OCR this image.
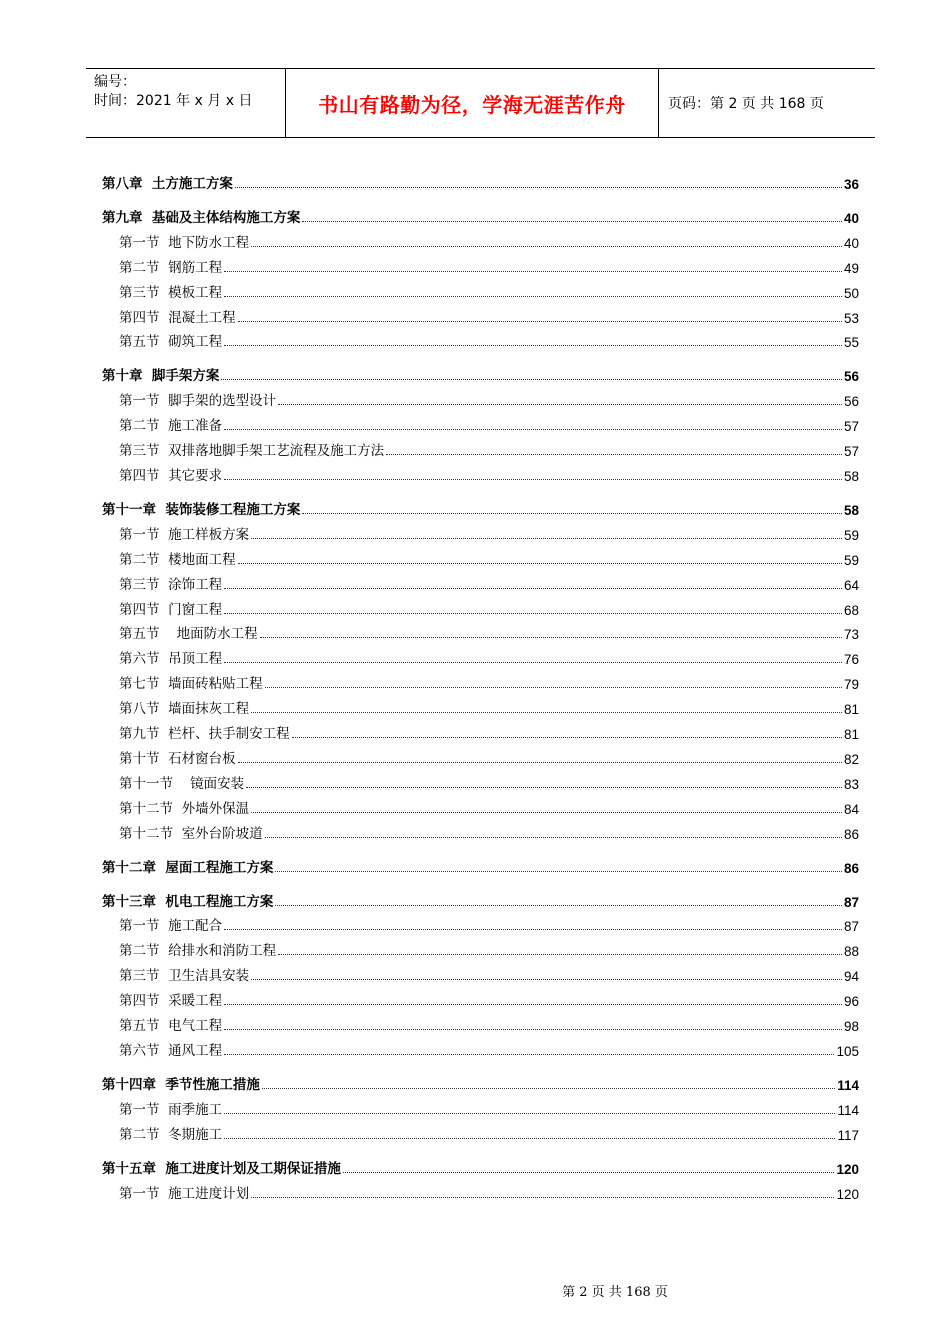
编号：
时间：2021 年 x 月 x 日	书山有路勤为径，学海无涯苦作舟	页码：第 2 页 共 168 页
第八章  土方施工方案	36
第九章  基础及主体结构施工方案	40
第一节  地下防水工程	40
第二节  钢筋工程	49
第三节  模板工程	50
第四节  混凝土工程	53
第五节  砌筑工程	55
第十章  脚手架方案	56
第一节  脚手架的选型设计	56
第二节  施工准备	57
第三节  双排落地脚手架工艺流程及施工方法	57
第四节  其它要求	58
第十一章  装饰装修工程施工方案	58
第一节  施工样板方案	59
第二节  楼地面工程	59
第三节  涂饰工程	64
第四节  门窗工程	68
第五节    地面防水工程	73
第六节  吊顶工程	76
第七节  墙面砖粘贴工程	79
第八节  墙面抹灰工程	81
第九节  栏杆、扶手制安工程	81
第十节  石材窗台板	82
第十一节    镜面安装	83
第十二节  外墙外保温	84
第十二节  室外台阶坡道	86
第十二章  屋面工程施工方案	86
第十三章  机电工程施工方案	87
第一节  施工配合	87
第二节  给排水和消防工程	88
第三节  卫生洁具安装	94
第四节  采暖工程	96
第五节  电气工程	98
第六节  通风工程	105
第十四章  季节性施工措施	114
第一节  雨季施工	114
第二节  冬期施工	117
第十五章  施工进度计划及工期保证措施	120
第一节  施工进度计划	120
第 2 页 共 168 页
